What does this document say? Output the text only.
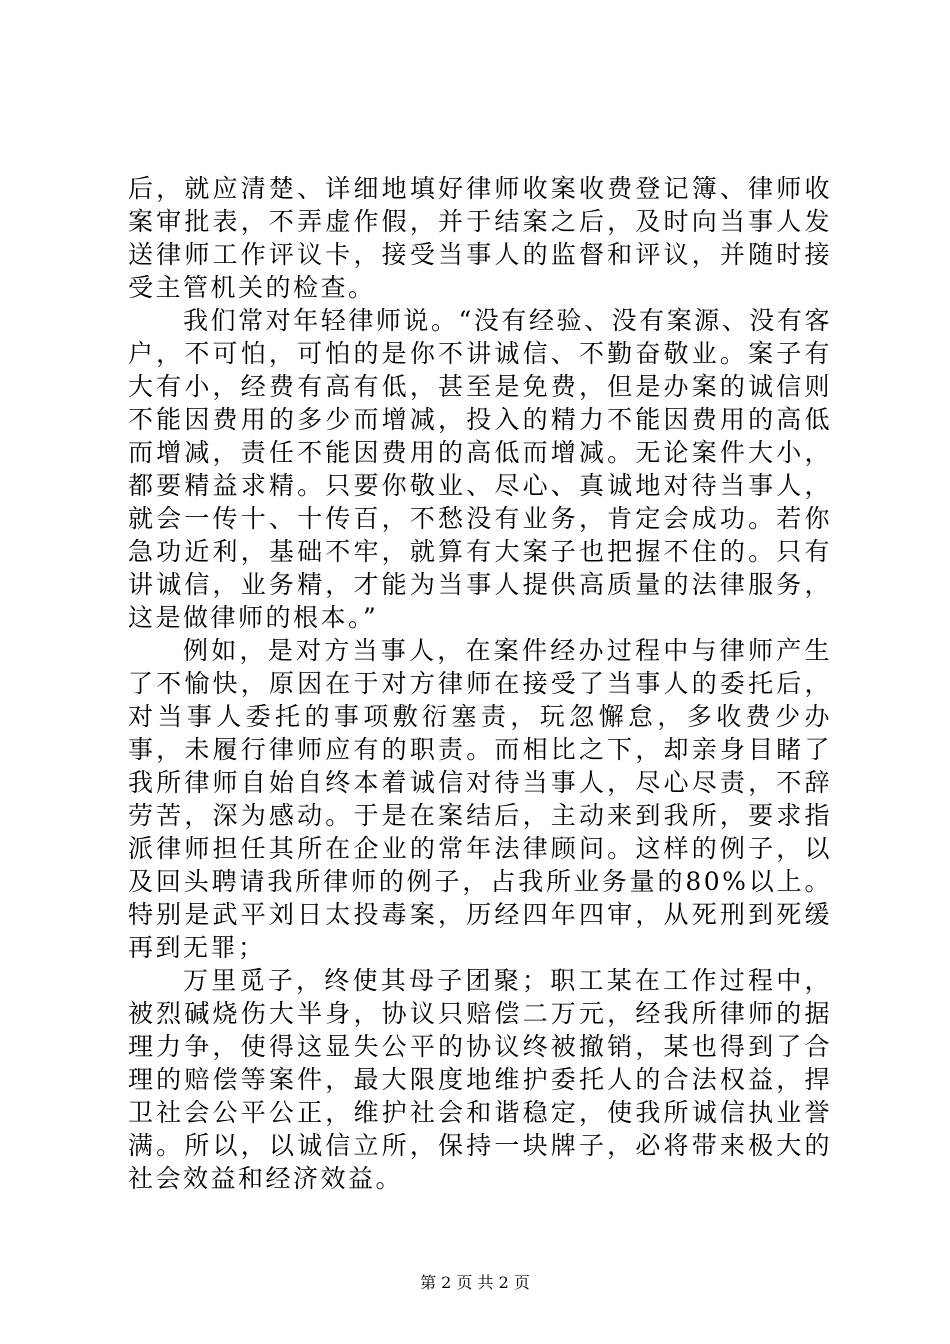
后，就应清楚、详细地填好律师收案收费登记簿、律师收案审批表，不弄虚作假，并于结案之后，及时向当事人发送律师工作评议卡，接受当事人的监督和评议，并随时接受主管机关的检查。

我们常对年轻律师说。“没有经验、没有案源、没有客户，不可怕，可怕的是你不讲诚信、不勤奋敬业。案子有大有小，经费有高有低，甚至是免费，但是办案的诚信则不能因费用的多少而增减，投入的精力不能因费用的高低而增减，责任不能因费用的高低而增减。无论案件大小，都要精益求精。只要你敬业、尽心、真诚地对待当事人，就会一传十、十传百，不愁没有业务，肯定会成功。若你急功近利，基础不牢，就算有大案子也把握不住的。只有讲诚信，业务精，才能为当事人提供高质量的法律服务，这是做律师的根本。”

例如，是对方当事人，在案件经办过程中与律师产生了不愉快，原因在于对方律师在接受了当事人的委托后，对当事人委托的事项敷衍塞责，玩忽懈怠，多收费少办事，未履行律师应有的职责。而相比之下，却亲身目睹了我所律师自始自终本着诚信对待当事人，尽心尽责，不辞劳苦，深为感动。于是在案结后，主动来到我所，要求指派律师担任其所在企业的常年法律顾问。这样的例子，以及回头聘请我所律师的例子，占我所业务量的80%以上。特别是武平刘日太投毒案，历经四年四审，从死刑到死缓再到无罪；

万里觅子，终使其母子团聚；职工某在工作过程中，被烈碱烧伤大半身，协议只赔偿二万元，经我所律师的据理力争，使得这显失公平的协议终被撤销，某也得到了合理的赔偿等案件，最大限度地维护委托人的合法权益，捍卫社会公平公正，维护社会和谐稳定，使我所诚信执业誉满。所以，以诚信立所，保持一块牌子，必将带来极大的社会效益和经济效益。

第 2 页 共 2 页
